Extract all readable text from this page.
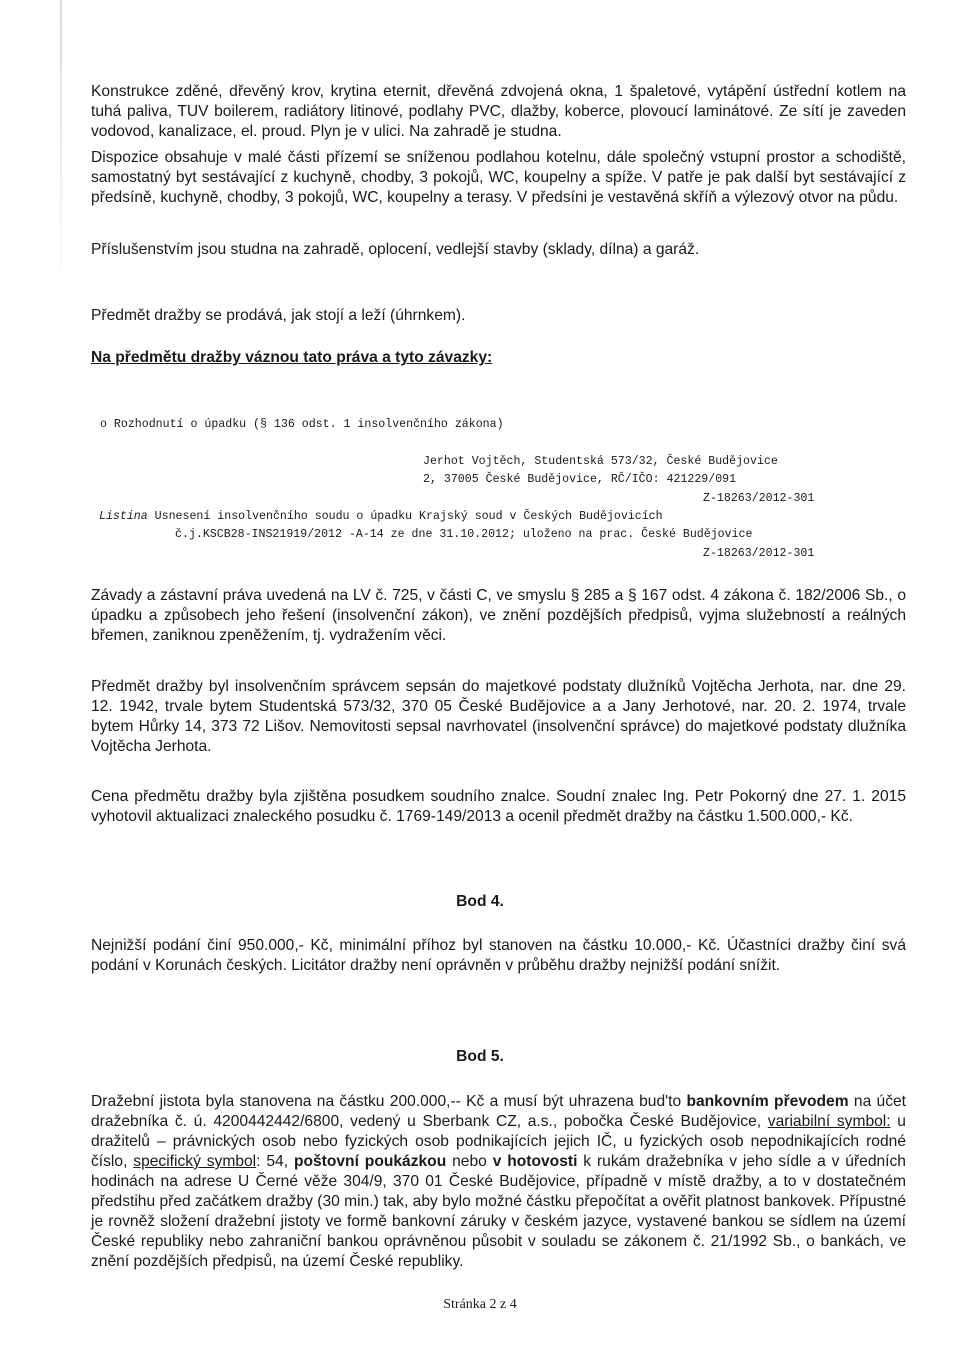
Konstrukce zděné, dřevěný krov, krytina eternit, dřevěná zdvojená okna, 1 špaletové, vytápění ústřední kotlem na tuhá paliva, TUV boilerem, radiátory litinové, podlahy PVC, dlažby, koberce, plovoucí laminátové. Ze sítí je zaveden vodovod, kanalizace, el. proud. Plyn je v ulici. Na zahradě je studna.

Dispozice obsahuje v malé části přízemí se sníženou podlahou kotelnu, dále společný vstupní prostor a schodiště, samostatný byt sestávající z kuchyně, chodby, 3 pokojů, WC, koupelny a spíže. V patře je pak další byt sestávající z předsíně, kuchyně, chodby, 3 pokojů, WC, koupelny a terasy. V předsíni je vestavěná skříň a výlezový otvor na půdu.

Příslušenstvím jsou studna na zahradě, oplocení, vedlejší stavby (sklady, dílna) a garáž.

Předmět dražby se prodává, jak stojí a leží (úhrnkem).

Na předmětu dražby váznou tato práva a tyto závazky:
o Rozhodnutí o úpadku (§ 136 odst. 1 insolvenčního zákona)
Jerhot Vojtěch, Studentská 573/32, České Budějovice
2, 37005 České Budějovice, RČ/IČO: 421229/091
Z-18263/2012-301
Listina Usnesení insolvenčního soudu o úpadku Krajský soud v Českých Budějovicích
č.j.KSCB28-INS21919/2012 -A-14 ze dne 31.10.2012; uloženo na prac. České Budějovice
Z-18263/2012-301

Závady a zástavní práva uvedená na LV č. 725, v části C, ve smyslu § 285 a § 167 odst. 4 zákona č. 182/2006 Sb., o úpadku a způsobech jeho řešení (insolvenční zákon), ve znění pozdějších předpisů, vyjma služebností a reálných břemen, zaniknou zpeněžením, tj. vydražením věci.

Předmět dražby byl insolvenčním správcem sepsán do majetkové podstaty dlužníků Vojtěcha Jerhota, nar. dne 29. 12. 1942, trvale bytem Studentská 573/32, 370 05 České Budějovice a a Jany Jerhotové, nar. 20. 2. 1974, trvale bytem Hůrky 14, 373 72 Lišov. Nemovitosti sepsal navrhovatel (insolvenční správce) do majetkové podstaty dlužníka Vojtěcha Jerhota.

Cena předmětu dražby byla zjištěna posudkem soudního znalce. Soudní znalec Ing. Petr Pokorný dne 27. 1. 2015 vyhotovil aktualizaci znaleckého posudku č. 1769-149/2013 a ocenil předmět dražby na částku 1.500.000,- Kč.

Bod 4.

Nejnižší podání činí 950.000,- Kč, minimální příhoz byl stanoven na částku 10.000,- Kč. Účastníci dražby činí svá podání v Korunách českých. Licitátor dražby není oprávněn v průběhu dražby nejnižší podání snížit.

Bod 5.

Dražební jistota byla stanovena na částku 200.000,-- Kč a musí být uhrazena bud'to bankovním převodem na účet dražebníka č. ú. 4200442442/6800, vedený u Sberbank CZ, a.s., pobočka České Budějovice, variabilní symbol: u dražitelů – právnických osob nebo fyzických osob podnikajících jejich IČ, u fyzických osob nepodnikajících rodné číslo, specifický symbol: 54, poštovní poukázkou nebo v hotovosti k rukám dražebníka v jeho sídle a v úředních hodinách na adrese U Černé věže 304/9, 370 01 České Budějovice, případně v místě dražby, a to v dostatečném předstihu před začátkem dražby (30 min.) tak, aby bylo možné částku přepočítat a ověřit platnost bankovek. Přípustné je rovněž složení dražební jistoty ve formě bankovní záruky v českém jazyce, vystavené bankou se sídlem na území České republiky nebo zahraniční bankou oprávněnou působit v souladu se zákonem č. 21/1992 Sb., o bankách, ve znění pozdějších předpisů, na území České republiky.

Stránka 2 z 4
